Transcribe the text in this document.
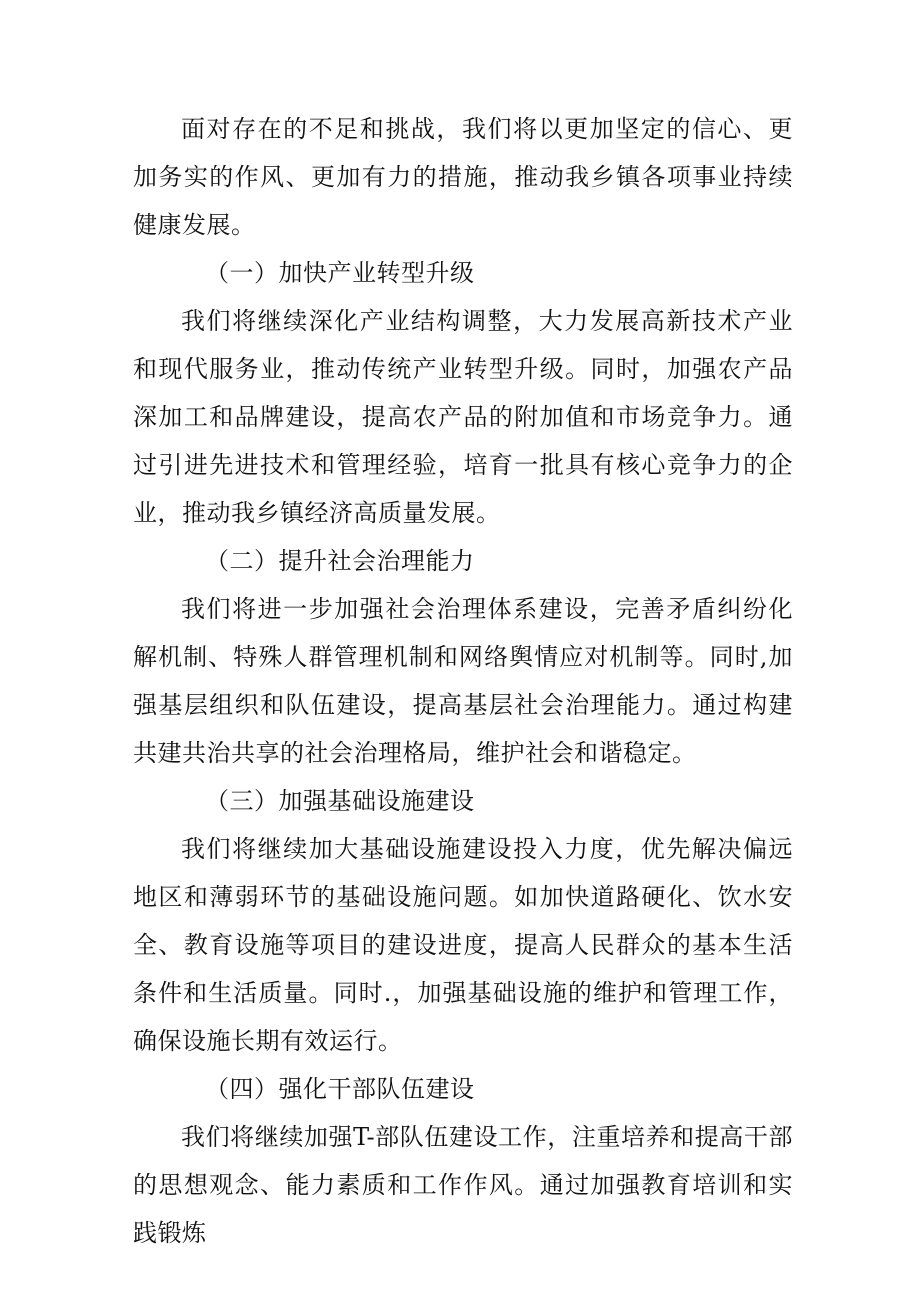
面对存在的不足和挑战，我们将以更加坚定的信心、更加务实的作风、更加有力的措施，推动我乡镇各项事业持续健康发展。

（一）加快产业转型升级

我们将继续深化产业结构调整，大力发展高新技术产业和现代服务业，推动传统产业转型升级。同时，加强农产品深加工和品牌建设，提高农产品的附加值和市场竞争力。通过引进先进技术和管理经验，培育一批具有核心竞争力的企业，推动我乡镇经济高质量发展。

（二）提升社会治理能力

我们将进一步加强社会治理体系建设，完善矛盾纠纷化解机制、特殊人群管理机制和网络舆情应对机制等。同时,加强基层组织和队伍建设，提高基层社会治理能力。通过构建共建共治共享的社会治理格局，维护社会和谐稳定。

（三）加强基础设施建设

我们将继续加大基础设施建设投入力度，优先解决偏远地区和薄弱环节的基础设施问题。如加快道路硬化、饮水安全、教育设施等项目的建设进度，提高人民群众的基本生活条件和生活质量。同时.，加强基础设施的维护和管理工作，确保设施长期有效运行。

（四）强化干部队伍建设

我们将继续加强T-部队伍建设工作，注重培养和提高干部的思想观念、能力素质和工作作风。通过加强教育培训和实践锻炼
